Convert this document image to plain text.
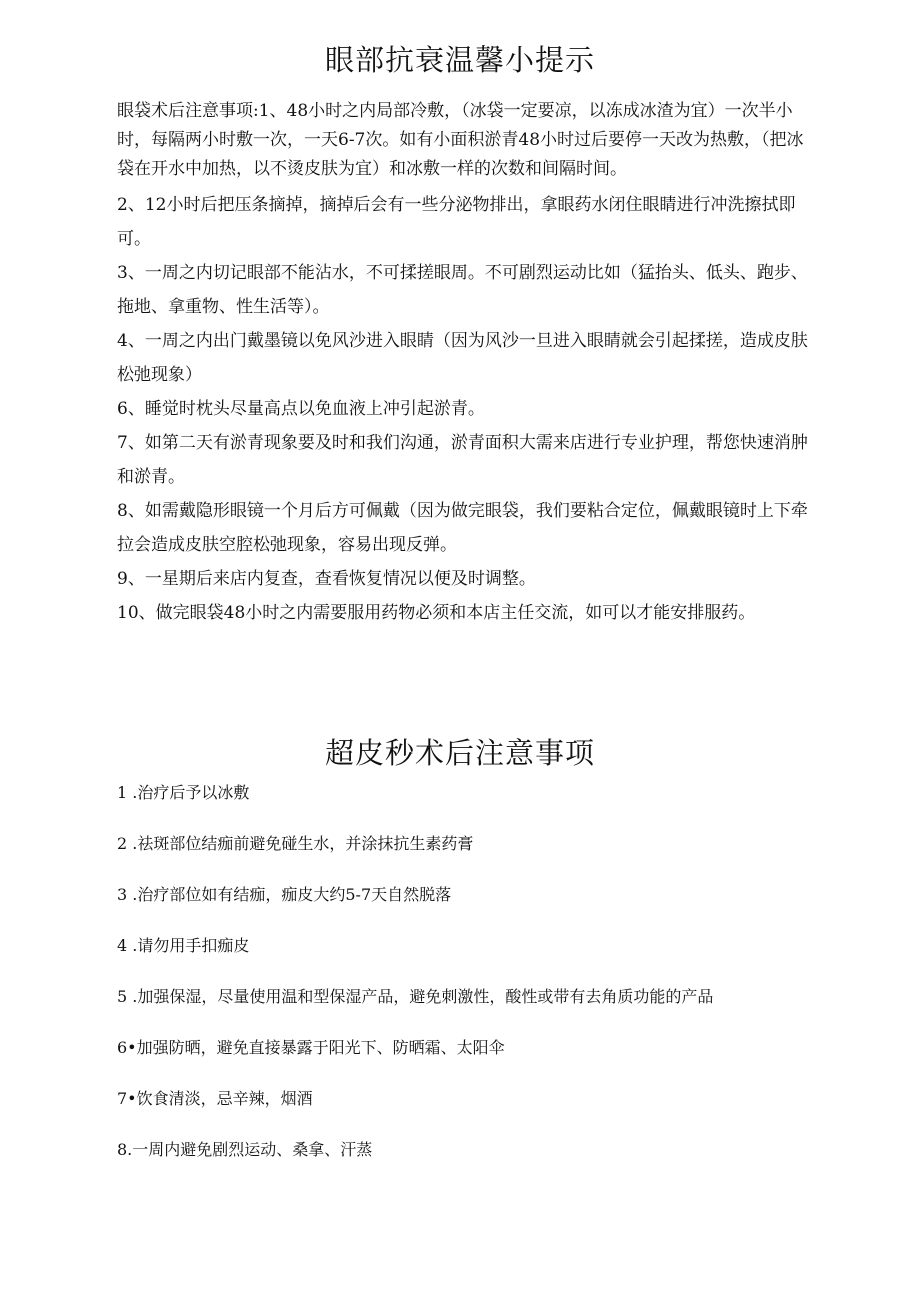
眼部抗衰温馨小提示

眼袋术后注意事项:1、48小时之内局部冷敷，（冰袋一定要凉，以冻成冰渣为宜）一次半小时，每隔两小时敷一次，一天6-7次。如有小面积淤青48小时过后要停一天改为热敷，（把冰袋在开水中加热，以不烫皮肤为宜）和冰敷一样的次数和间隔时间。

2、12小时后把压条摘掉，摘掉后会有一些分泌物排出，拿眼药水闭住眼睛进行冲洗擦拭即可。

3、一周之内切记眼部不能沾水，不可揉搓眼周。不可剧烈运动比如（猛抬头、低头、跑步、拖地、拿重物、性生活等）。

4、一周之内出门戴墨镜以免风沙进入眼睛（因为风沙一旦进入眼睛就会引起揉搓，造成皮肤松弛现象）

6、睡觉时枕头尽量高点以免血液上冲引起淤青。

7、如第二天有淤青现象要及时和我们沟通，淤青面积大需来店进行专业护理，帮您快速消肿和淤青。

8、如需戴隐形眼镜一个月后方可佩戴（因为做完眼袋，我们要粘合定位，佩戴眼镜时上下牵拉会造成皮肤空腔松弛现象，容易出现反弹。

9、一星期后来店内复查，查看恢复情况以便及时调整。

10、做完眼袋48小时之内需要服用药物必须和本店主任交流，如可以才能安排服药。

超皮秒术后注意事项

1 .治疗后予以冰敷

2 .祛斑部位结痂前避免碰生水，并涂抹抗生素药膏

3 .治疗部位如有结痂，痂皮大约5-7天自然脱落

4 .请勿用手扣痂皮

5 .加强保湿，尽量使用温和型保湿产品，避免刺激性，酸性或带有去角质功能的产品

6•加强防晒，避免直接暴露于阳光下、防晒霜、太阳伞

7•饮食清淡，忌辛辣，烟酒

8.一周内避免剧烈运动、桑拿、汗蒸
